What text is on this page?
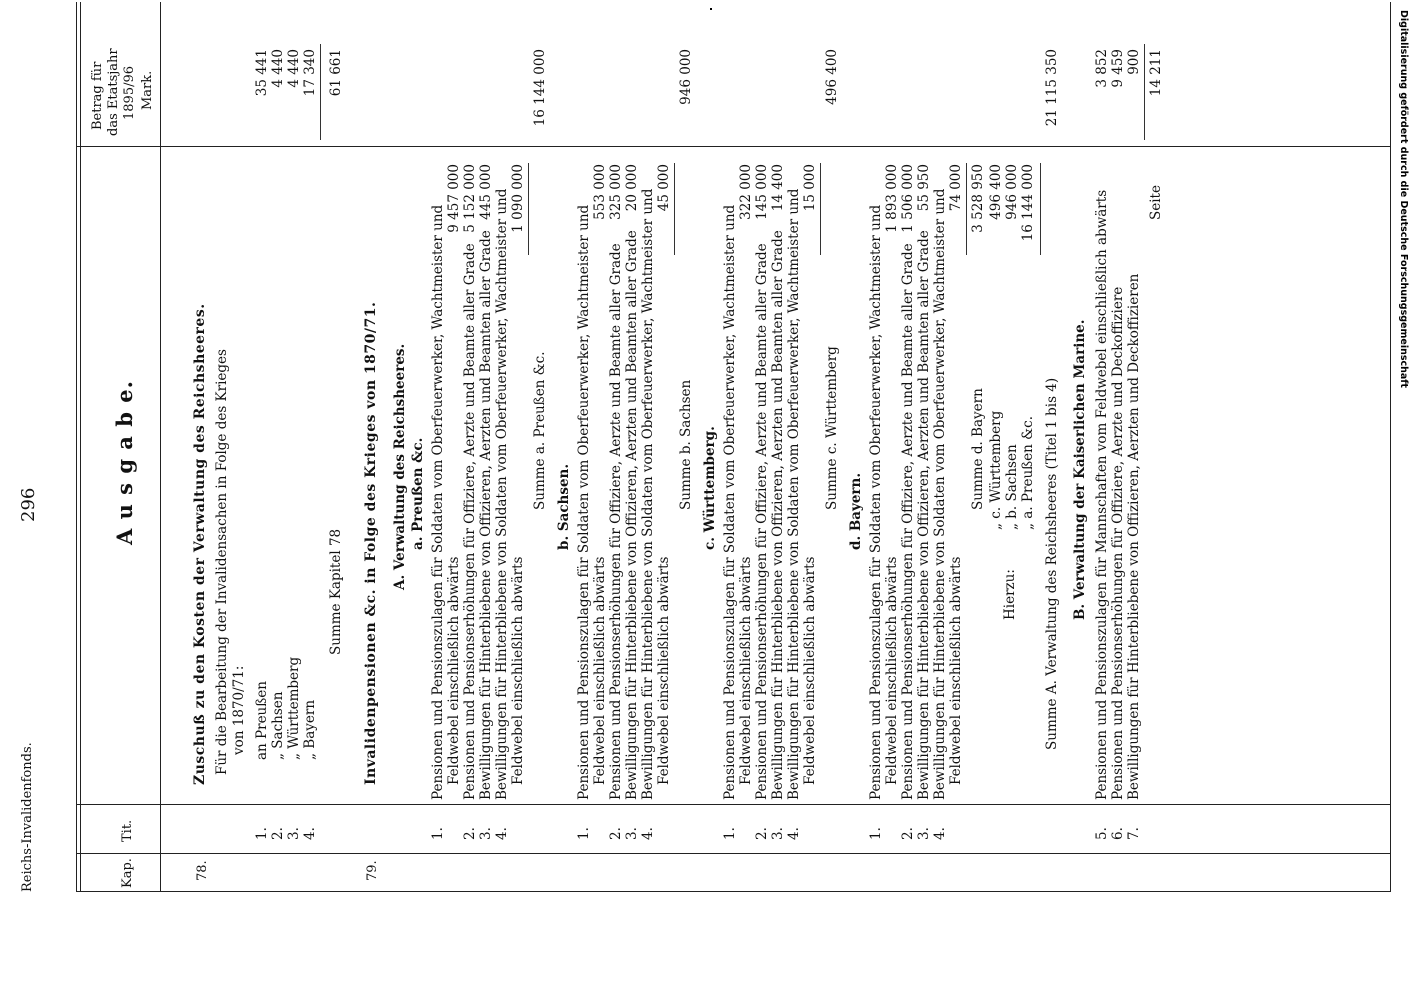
Reichs-Invalidenfonds.
296	A u s g a b e.
Kap.
Tit.
Betrag für das Etatsjahr 1895/96 Mark.
78.
Zuschuß zu den Kosten der Verwaltung des Reichsheeres. Für die Bearbeitung der Invalidensachen in Folge des Krieges von 1870/71:
1.
an Preußen
35 441
2.
„ Sachsen
4 440
3.
„ Württemberg
4 440
4.
„ Bayern
17 340
Summe Kapitel 78
61 661
79.
Invalidenpensionen &c. in Folge des Krieges von 1870/71. A. Verwaltung des Reichsheeres. a. Preußen &c.
1.
Pensionen und Pensionszulagen für Soldaten vom Oberfeuerwerker, Wachtmeister und Feldwebel einschließlich abwärts
9 457 000
2.
Pensionen und Pensionserhöhungen für Offiziere, Aerzte und Beamte aller Grade
5 152 000
3.
Bewilligungen für Hinterbliebene von Offizieren, Aerzten und Beamten aller Grade
445 000
4.
Bewilligungen für Hinterbliebene von Soldaten vom Oberfeuerwerker, Wachtmeister und Feldwebel einschließlich abwärts
1 090 000
Summe a. Preußen &c.
16 144 000
b. Sachsen.
1.
Pensionen und Pensionszulagen für Soldaten vom Oberfeuerwerker, Wachtmeister und Feldwebel einschließlich abwärts
553 000
2.
Pensionen und Pensionserhöhungen für Offiziere, Aerzte und Beamte aller Grade
325 000
3.
Bewilligungen für Hinterbliebene von Offizieren, Aerzten und Beamten aller Grade
20 000
4.
Bewilligungen für Hinterbliebene von Soldaten vom Oberfeuerwerker, Wachtmeister und Feldwebel einschließlich abwärts
45 000
Summe b. Sachsen
946 000
c. Württemberg.
1.
Pensionen und Pensionszulagen für Soldaten vom Oberfeuerwerker, Wachtmeister und Feldwebel einschließlich abwärts
322 000
2.
Pensionen und Pensionserhöhungen für Offiziere, Aerzte und Beamte aller Grade
145 000
3.
Bewilligungen für Hinterbliebene von Offizieren, Aerzten und Beamten aller Grade
14 400
4.
Bewilligungen für Hinterbliebene von Soldaten vom Oberfeuerwerker, Wachtmeister und Feldwebel einschließlich abwärts
15 000
Summe c. Württemberg
496 400
d. Bayern.
1.
Pensionen und Pensionszulagen für Soldaten vom Oberfeuerwerker, Wachtmeister und Feldwebel einschließlich abwärts
1 893 000
2.
Pensionen und Pensionserhöhungen für Offiziere, Aerzte und Beamte aller Grade
1 506 000
3.
Bewilligungen für Hinterbliebene von Offizieren, Aerzten und Beamten aller Grade
55 950
4.
Bewilligungen für Hinterbliebene von Soldaten vom Oberfeuerwerker, Wachtmeister und Feldwebel einschließlich abwärts
74 000
Summe d. Bayern
3 528 950
Hierzu:
„ c. Württemberg
496 400
„ b. Sachsen
946 000
„ a. Preußen &c.
16 144 000
Summe A. Verwaltung des Reichsheeres (Titel 1 bis 4)
21 115 350
B. Verwaltung der Kaiserlichen Marine.
5.
Pensionen und Pensionszulagen für Mannschaften vom Feldwebel einschließlich abwärts
3 852
6.
Pensionen und Pensionserhöhungen für Offiziere, Aerzte und Deckoffiziere
9 459
7.
Bewilligungen für Hinterbliebene von Offizieren, Aerzten und Deckoffizieren
900
Seite
14 211	Digitalisierung gefördert durch die Deutsche Forschungsgemeinschaft
